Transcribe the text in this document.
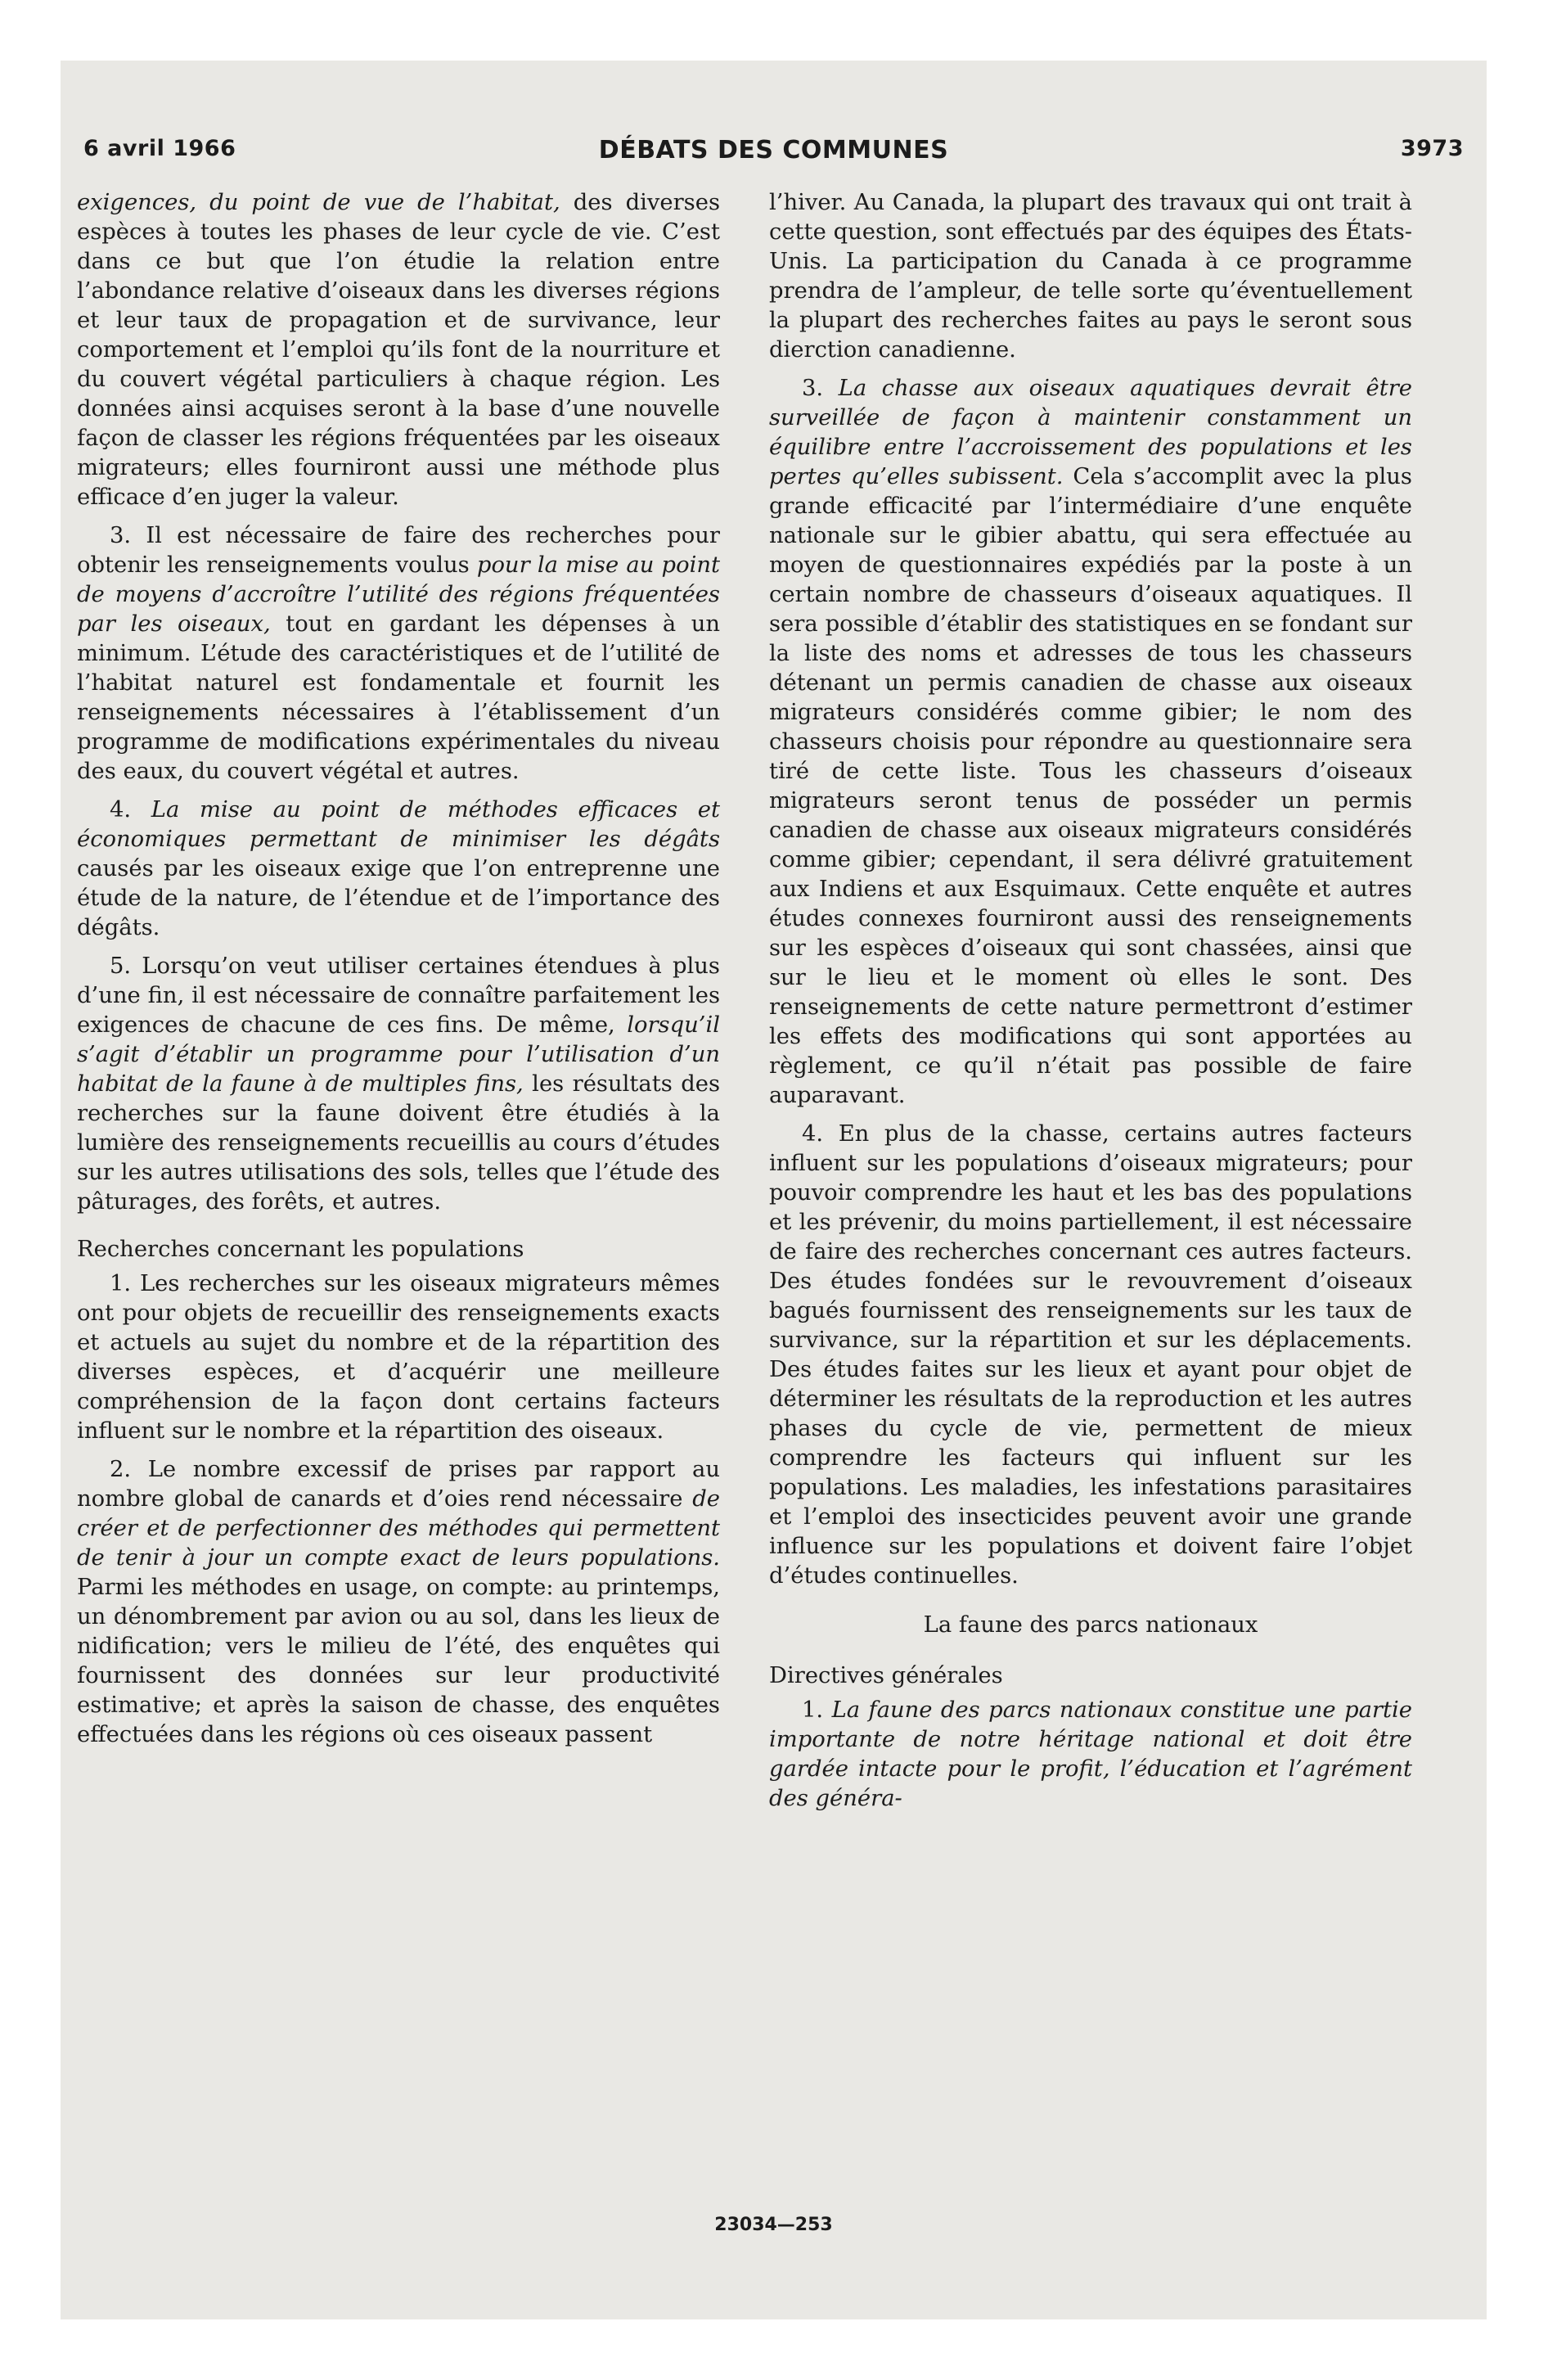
6 avril 1966	DÉBATS DES COMMUNES	3973

exigences, du point de vue de l’habitat, des diverses espèces à toutes les phases de leur cycle de vie. C’est dans ce but que l’on étudie la relation entre l’abondance relative d’oiseaux dans les diverses régions et leur taux de propagation et de survivance, leur comportement et l’emploi qu’ils font de la nourriture et du couvert végétal particuliers à chaque région. Les données ainsi acquises seront à la base d’une nouvelle façon de classer les régions fréquentées par les oiseaux migrateurs; elles fourniront aussi une méthode plus efficace d’en juger la valeur.

3. Il est nécessaire de faire des recherches pour obtenir les renseignements voulus pour la mise au point de moyens d’accroître l’utilité des régions fréquentées par les oiseaux, tout en gardant les dépenses à un minimum. L’étude des caractéristiques et de l’utilité de l’habitat naturel est fondamentale et fournit les renseignements nécessaires à l’établissement d’un programme de modifications expérimentales du niveau des eaux, du couvert végétal et autres.

4. La mise au point de méthodes efficaces et économiques permettant de minimiser les dégâts causés par les oiseaux exige que l’on entreprenne une étude de la nature, de l’étendue et de l’importance des dégâts.

5. Lorsqu’on veut utiliser certaines étendues à plus d’une fin, il est nécessaire de connaître parfaitement les exigences de chacune de ces fins. De même, lorsqu’il s’agit d’établir un programme pour l’utilisation d’un habitat de la faune à de multiples fins, les résultats des recherches sur la faune doivent être étudiés à la lumière des renseignements recueillis au cours d’études sur les autres utilisations des sols, telles que l’étude des pâturages, des forêts, et autres.

Recherches concernant les populations

1. Les recherches sur les oiseaux migrateurs mêmes ont pour objets de recueillir des renseignements exacts et actuels au sujet du nombre et de la répartition des diverses espèces, et d’acquérir une meilleure compréhension de la façon dont certains facteurs influent sur le nombre et la répartition des oiseaux.

2. Le nombre excessif de prises par rapport au nombre global de canards et d’oies rend nécessaire de créer et de perfectionner des méthodes qui permettent de tenir à jour un compte exact de leurs populations. Parmi les méthodes en usage, on compte: au printemps, un dénombrement par avion ou au sol, dans les lieux de nidification; vers le milieu de l’été, des enquêtes qui fournissent des données sur leur productivité estimative; et après la saison de chasse, des enquêtes effectuées dans les régions où ces oiseaux passent

l’hiver. Au Canada, la plupart des travaux qui ont trait à cette question, sont effectués par des équipes des États-Unis. La participation du Canada à ce programme prendra de l’ampleur, de telle sorte qu’éventuellement la plupart des recherches faites au pays le seront sous dierction canadienne.

3. La chasse aux oiseaux aquatiques devrait être surveillée de façon à maintenir constamment un équilibre entre l’accroissement des populations et les pertes qu’elles subissent. Cela s’accomplit avec la plus grande efficacité par l’intermédiaire d’une enquête nationale sur le gibier abattu, qui sera effectuée au moyen de questionnaires expédiés par la poste à un certain nombre de chasseurs d’oiseaux aquatiques. Il sera possible d’établir des statistiques en se fondant sur la liste des noms et adresses de tous les chasseurs détenant un permis canadien de chasse aux oiseaux migrateurs considérés comme gibier; le nom des chasseurs choisis pour répondre au questionnaire sera tiré de cette liste. Tous les chasseurs d’oiseaux migrateurs seront tenus de posséder un permis canadien de chasse aux oiseaux migrateurs considérés comme gibier; cependant, il sera délivré gratuitement aux Indiens et aux Esquimaux. Cette enquête et autres études connexes fourniront aussi des renseignements sur les espèces d’oiseaux qui sont chassées, ainsi que sur le lieu et le moment où elles le sont. Des renseignements de cette nature permettront d’estimer les effets des modifications qui sont apportées au règlement, ce qu’il n’était pas possible de faire auparavant.

4. En plus de la chasse, certains autres facteurs influent sur les populations d’oiseaux migrateurs; pour pouvoir comprendre les haut et les bas des populations et les prévenir, du moins partiellement, il est nécessaire de faire des recherches concernant ces autres facteurs. Des études fondées sur le revouvrement d’oiseaux bagués fournissent des renseignements sur les taux de survivance, sur la répartition et sur les déplacements. Des études faites sur les lieux et ayant pour objet de déterminer les résultats de la reproduction et les autres phases du cycle de vie, permettent de mieux comprendre les facteurs qui influent sur les populations. Les maladies, les infestations parasitaires et l’emploi des insecticides peuvent avoir une grande influence sur les populations et doivent faire l’objet d’études continuelles.

La faune des parcs nationaux

Directives générales

1. La faune des parcs nationaux constitue une partie importante de notre héritage national et doit être gardée intacte pour le profit, l’éducation et l’agrément des généra-

23034—253
